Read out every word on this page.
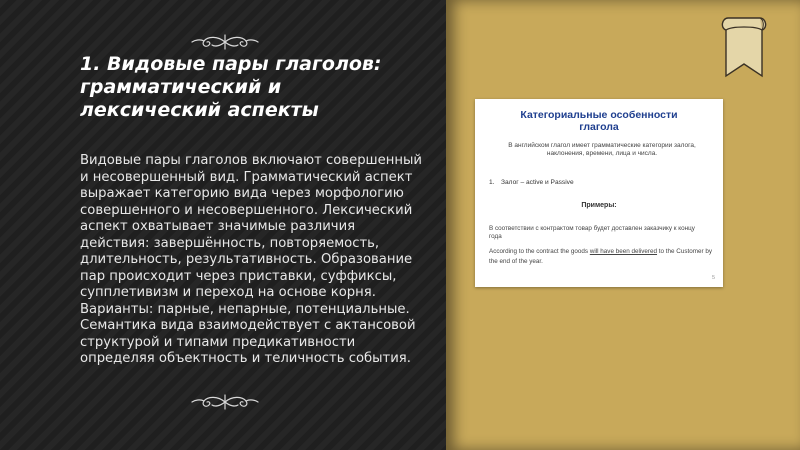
1. Видовые пары глаголов: грамматический и лексический аспекты

Видовые пары глаголов включают совершенный и несовершенный вид. Грамматический аспект выражает категорию вида через морфологию совершенного и несовершенного. Лексический аспект охватывает значимые различия действия: завершённость, повторяемость, длительность, результативность. Образование пар происходит через приставки, суффиксы, супплетивизм и переход на основе корня. Варианты: парные, непарные, потенциальные. Семантика вида взаимодействует с актансовой структурой и типами предикативности определяя объектность и теличность события.

Категориальные особенности
глагола
В английском глагол имеет грамматические категории залога, наклонения, времени, лица и числа.
1. Залог – active и Passive
Примеры:
В соответствии с контрактом товар будет доставлен заказчику к концу года
According to the contract the goods will have been delivered to the Customer by the end of the year.
5
